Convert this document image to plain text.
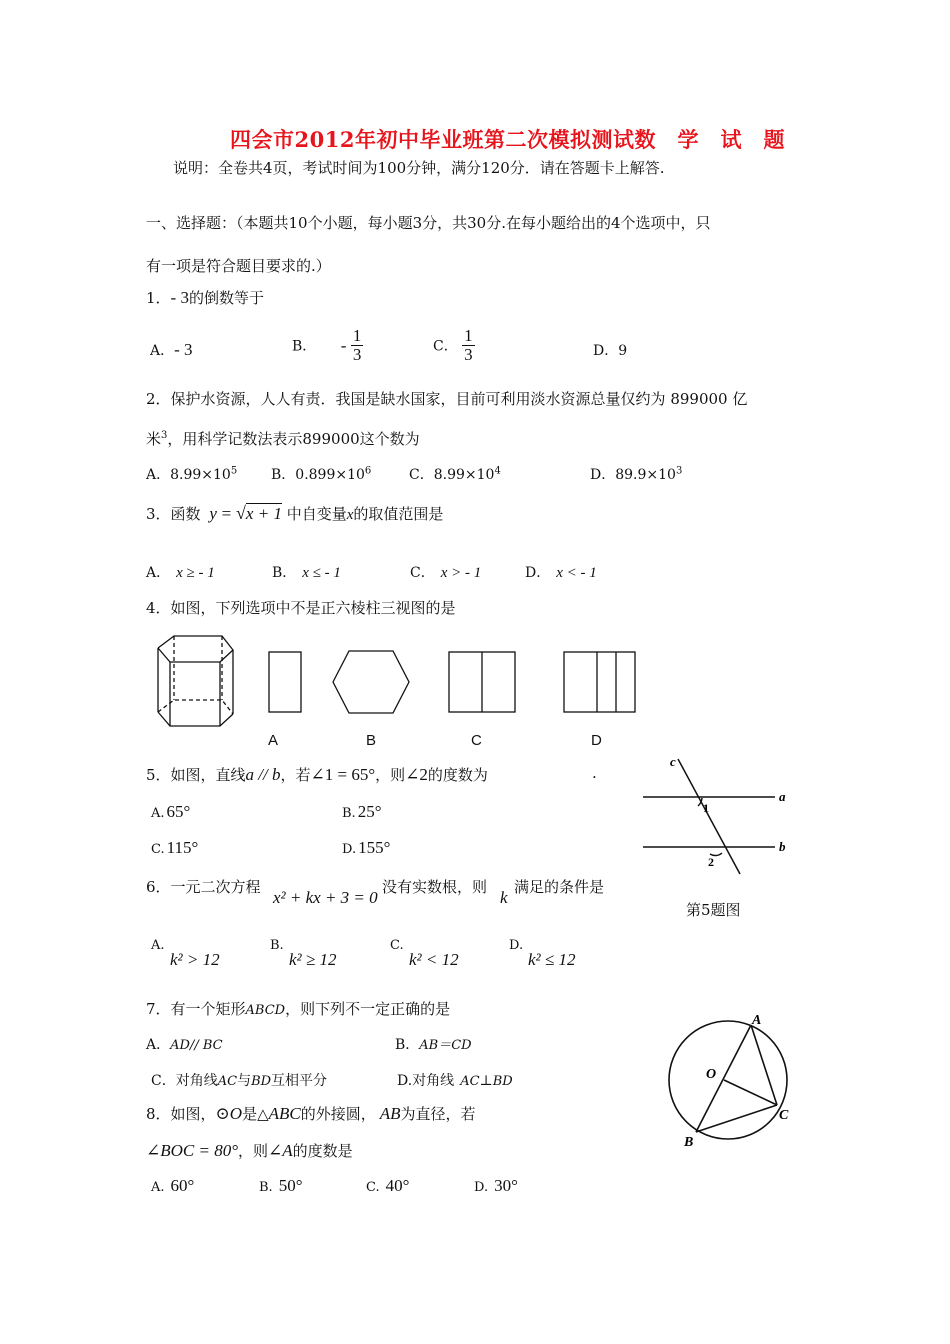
四会市2012年初中毕业班第二次模拟测试数　学　试　题
说明：全卷共4页，考试时间为100分钟，满分120分．请在答题卡上解答.
一、选择题：（本题共10个小题，每小题3分，共30分.在每小题给出的4个选项中，只
有一项是符合题目要求的.）
1．- 3的倒数等于
A．- 3	B． - $\frac{1}{3}$	C． $\frac{1}{3}$	D．9
2．保护水资源，人人有责．我国是缺水国家，目前可利用淡水资源总量仅约为 899000 亿
米$^3$，用科学记数法表示899000这个数为
A．$8.99\times 10^5$ B．$0.899\times 10^6$	C．$8.99\times 10^4$	D．$89.9\times 10^3$
3．函数 y = √x + 1 中自变量x的取值范围是
A． x ≥ - 1	B． x ≤ - 1	C． x > - 1	D． x < - 1
4．如图，下列选项中不是正六棱柱三视图的是
A	B	C	D
5．如图，直线a // b，若∠1 = 65°，则∠2的度数为	.
A. 65°	B. 25°
C. 115°	D. 155°
c
a
b
1
2
第5题图
6．一元二次方程
x² + kx + 3 = 0
没有实数根，则
k
满足的条件是
A.
k² > 12
B.
k² ≥ 12
C.
k² < 12
D.
k² ≤ 12
7．有一个矩形ABCD，则下列不一定正确的是
A．AD// BC	B．AB＝CD
C．对角线AC与BD互相平分	D.对角线 AC⊥BD
8．如图，⊙O是△ABC的外接圆， AB为直径，若
∠BOC = 80°，则∠A的度数是
A. 60°	B. 50°	C. 40°	D. 30°
A
O
C
B
